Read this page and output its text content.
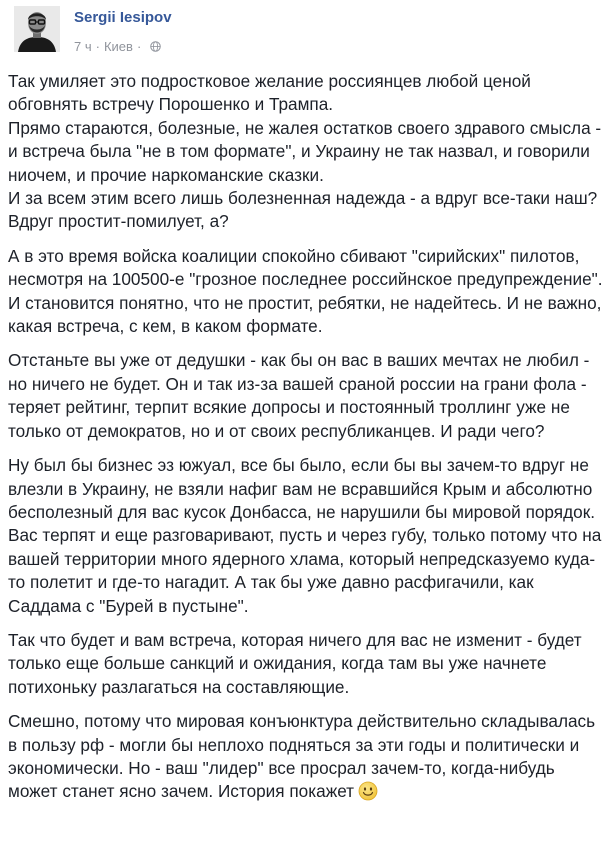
Sergii Iesipov
7 ч · Киев ·

Так умиляет это подростковое желание россиянцев любой ценой обговнять встречу Порошенко и Трампа.
Прямо стараются, болезные, не жалея остатков своего здравого смысла - и встреча была "не в том формате", и Украину не так назвал, и говорили ниочем, и прочие наркоманские сказки.
И за всем этим всего лишь болезненная надежда - а вдруг все-таки наш? Вдруг простит-помилует, а?

А в это время войска коалиции спокойно сбивают "сирийских" пилотов, несмотря на 100500-е "грозное последнее российнское предупреждение". И становится понятно, что не простит, ребятки, не надейтесь. И не важно, какая встреча, с кем, в каком формате.

Отстаньте вы уже от дедушки - как бы он вас в ваших мечтах не любил - но ничего не будет. Он и так из-за вашей сраной россии на грани фола - теряет рейтинг, терпит всякие допросы и постоянный троллинг уже не только от демократов, но и от своих республиканцев. И ради чего?

Ну был бы бизнес эз южуал, все бы было, если бы вы зачем-то вдруг не влезли в Украину, не взяли нафиг вам не всравшийся Крым и абсолютно бесполезный для вас кусок Донбасса, не нарушили бы мировой порядок. Вас терпят и еще разговаривают, пусть и через губу, только потому что на вашей территории много ядерного хлама, который непредсказуемо куда-то полетит и где-то нагадит. А так бы уже давно расфигачили, как Саддама с "Бурей в пустыне".

Так что будет и вам встреча, которая ничего для вас не изменит - будет только еще больше санкций и ожидания, когда там вы уже начнете потихоньку разлагаться на составляющие.

Смешно, потому что мировая конъюнктура действительно складывалась в пользу рф - могли бы неплохо подняться за эти годы и политически и экономически. Но - ваш "лидер" все просрал зачем-то, когда-нибудь может станет ясно зачем. История покажет
